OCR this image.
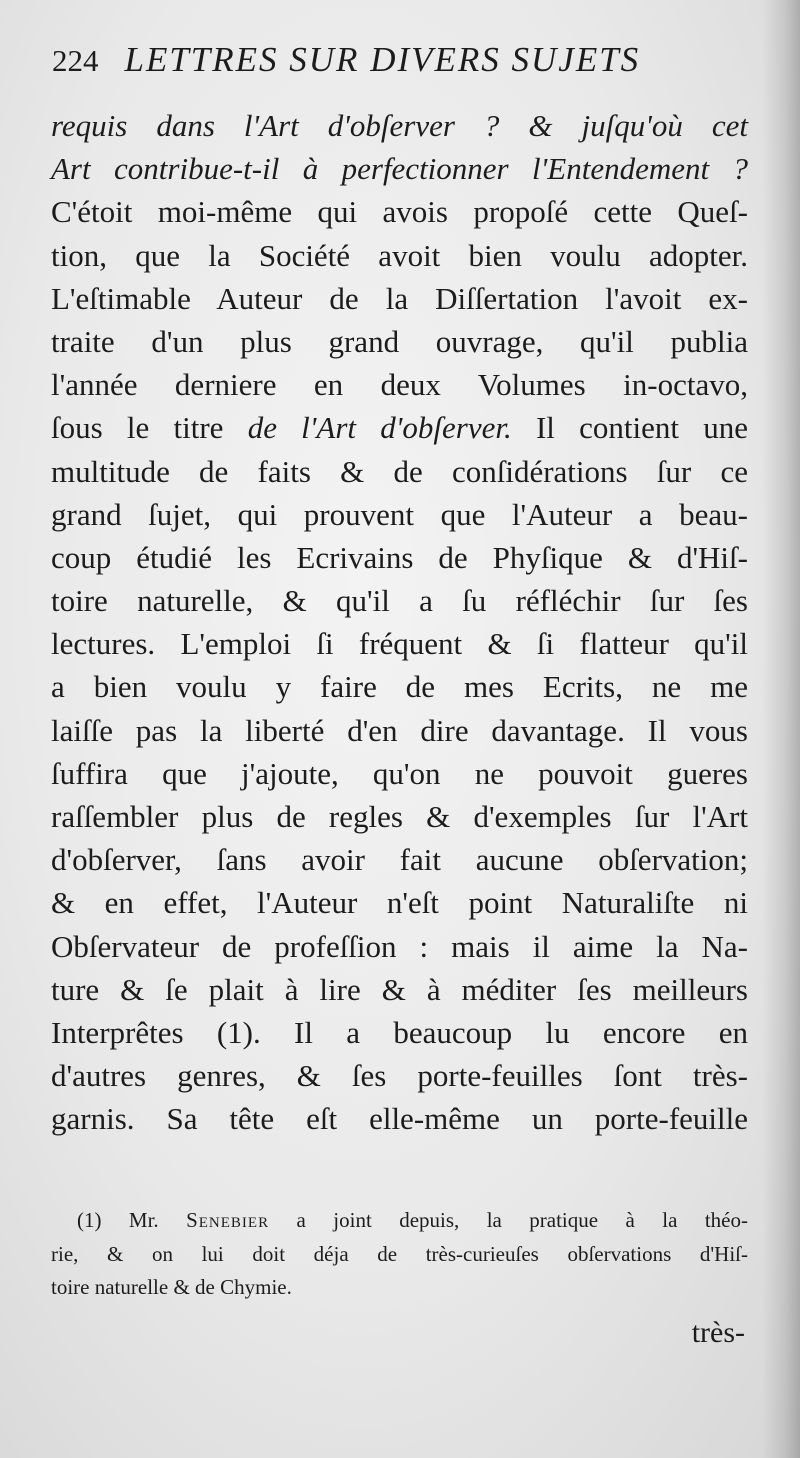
224 LETTRES SUR DIVERS SUJETS
requis dans l'Art d'obſerver ? & juſqu'où cet
Art contribue-t-il à perfectionner l'Entendement ?
C'étoit moi-même qui avois propoſé cette Queſ-
tion, que la Société avoit bien voulu adopter.
L'eſtimable Auteur de la Diſſertation l'avoit ex-
traite d'un plus grand ouvrage, qu'il publia
l'année derniere en deux Volumes in-octavo,
ſous le titre de l'Art d'obſerver. Il contient une
multitude de faits & de conſidérations ſur ce
grand ſujet, qui prouvent que l'Auteur a beau-
coup étudié les Ecrivains de Phyſique & d'Hiſ-
toire naturelle, & qu'il a ſu réfléchir ſur ſes
lectures. L'emploi ſi fréquent & ſi flatteur qu'il
a bien voulu y faire de mes Ecrits, ne me
laiſſe pas la liberté d'en dire davantage. Il vous
ſuffira que j'ajoute, qu'on ne pouvoit gueres
raſſembler plus de regles & d'exemples ſur l'Art
d'obſerver, ſans avoir fait aucune obſervation;
& en effet, l'Auteur n'eſt point Naturaliſte ni
Obſervateur de profeſſion : mais il aime la Na-
ture & ſe plait à lire & à méditer ſes meilleurs
Interprêtes (1). Il a beaucoup lu encore en
d'autres genres, & ſes porte-feuilles ſont très-
garnis. Sa tête eſt elle-même un porte-feuille
(1) Mr. Senebier a joint depuis, la pratique à la théo-
rie, & on lui doit déja de très-curieuſes obſervations d'Hiſ-
toire naturelle & de Chymie.
très-
